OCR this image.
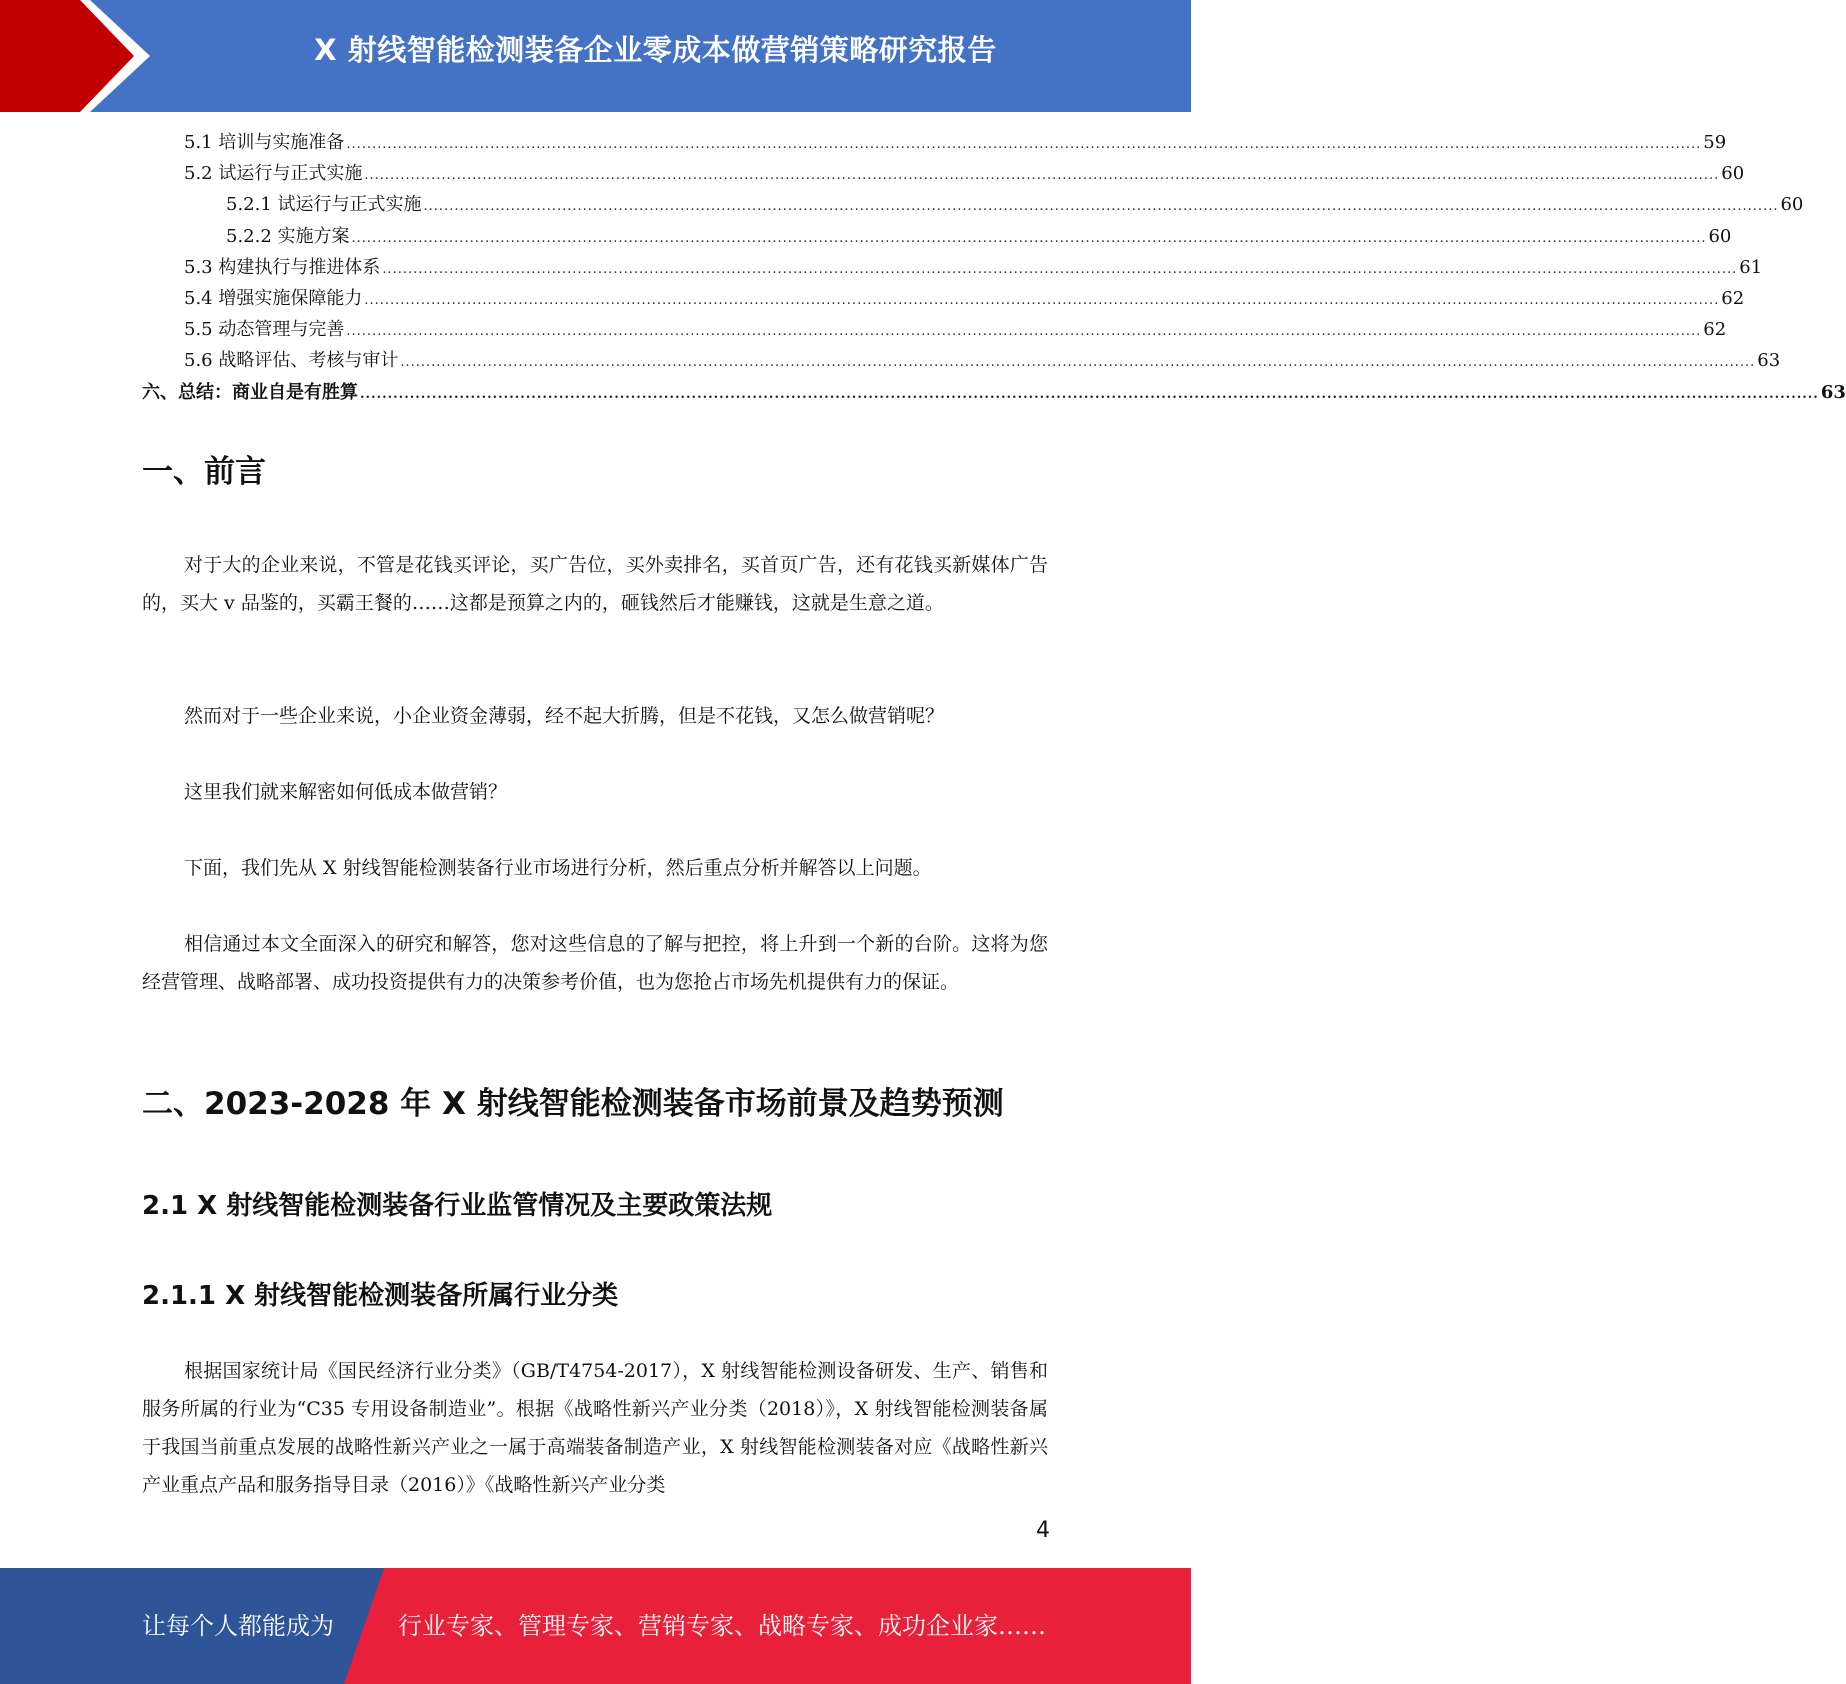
X 射线智能检测装备企业零成本做营销策略研究报告
5.1 培训与实施准备 ........................................................................................................................................................................................................................................................................ 59
5.2 试运行与正式实施 ........................................................................................................................................................................................................................................................................ 60
5.2.1 试运行与正式实施 ........................................................................................................................................................................................................................................................................ 60
5.2.2 实施方案 ........................................................................................................................................................................................................................................................................ 60
5.3 构建执行与推进体系 ........................................................................................................................................................................................................................................................................ 61
5.4 增强实施保障能力 ........................................................................................................................................................................................................................................................................ 62
5.5 动态管理与完善 ........................................................................................................................................................................................................................................................................ 62
5.6 战略评估、考核与审计 ........................................................................................................................................................................................................................................................................ 63
六、总结：商业自是有胜算 ........................................................................................................................................................................................................................................................................ 63
一、前言

对于大的企业来说，不管是花钱买评论，买广告位，买外卖排名，买首页广告，还有花钱买新媒体广告的，买大 v 品鉴的，买霸王餐的……这都是预算之内的，砸钱然后才能赚钱，这就是生意之道。

然而对于一些企业来说，小企业资金薄弱，经不起大折腾，但是不花钱，又怎么做营销呢？

这里我们就来解密如何低成本做营销？

下面，我们先从 X 射线智能检测装备行业市场进行分析，然后重点分析并解答以上问题。

相信通过本文全面深入的研究和解答，您对这些信息的了解与把控，将上升到一个新的台阶。这将为您经营管理、战略部署、成功投资提供有力的决策参考价值，也为您抢占市场先机提供有力的保证。

二、2023-2028 年 X 射线智能检测装备市场前景及趋势预测
2.1 X 射线智能检测装备行业监管情况及主要政策法规
2.1.1 X 射线智能检测装备所属行业分类

根据国家统计局《国民经济行业分类》（GB/T4754-2017），X 射线智能检测设备研发、生产、销售和服务所属的行业为“C35 专用设备制造业”。根据《战略性新兴产业分类（2018）》，X 射线智能检测装备属于我国当前重点发展的战略性新兴产业之一属于高端装备制造产业，X 射线智能检测装备对应《战略性新兴产业重点产品和服务指导目录（2016）》《战略性新兴产业分类

4
让每个人都能成为	行业专家、管理专家、营销专家、战略专家、成功企业家……
